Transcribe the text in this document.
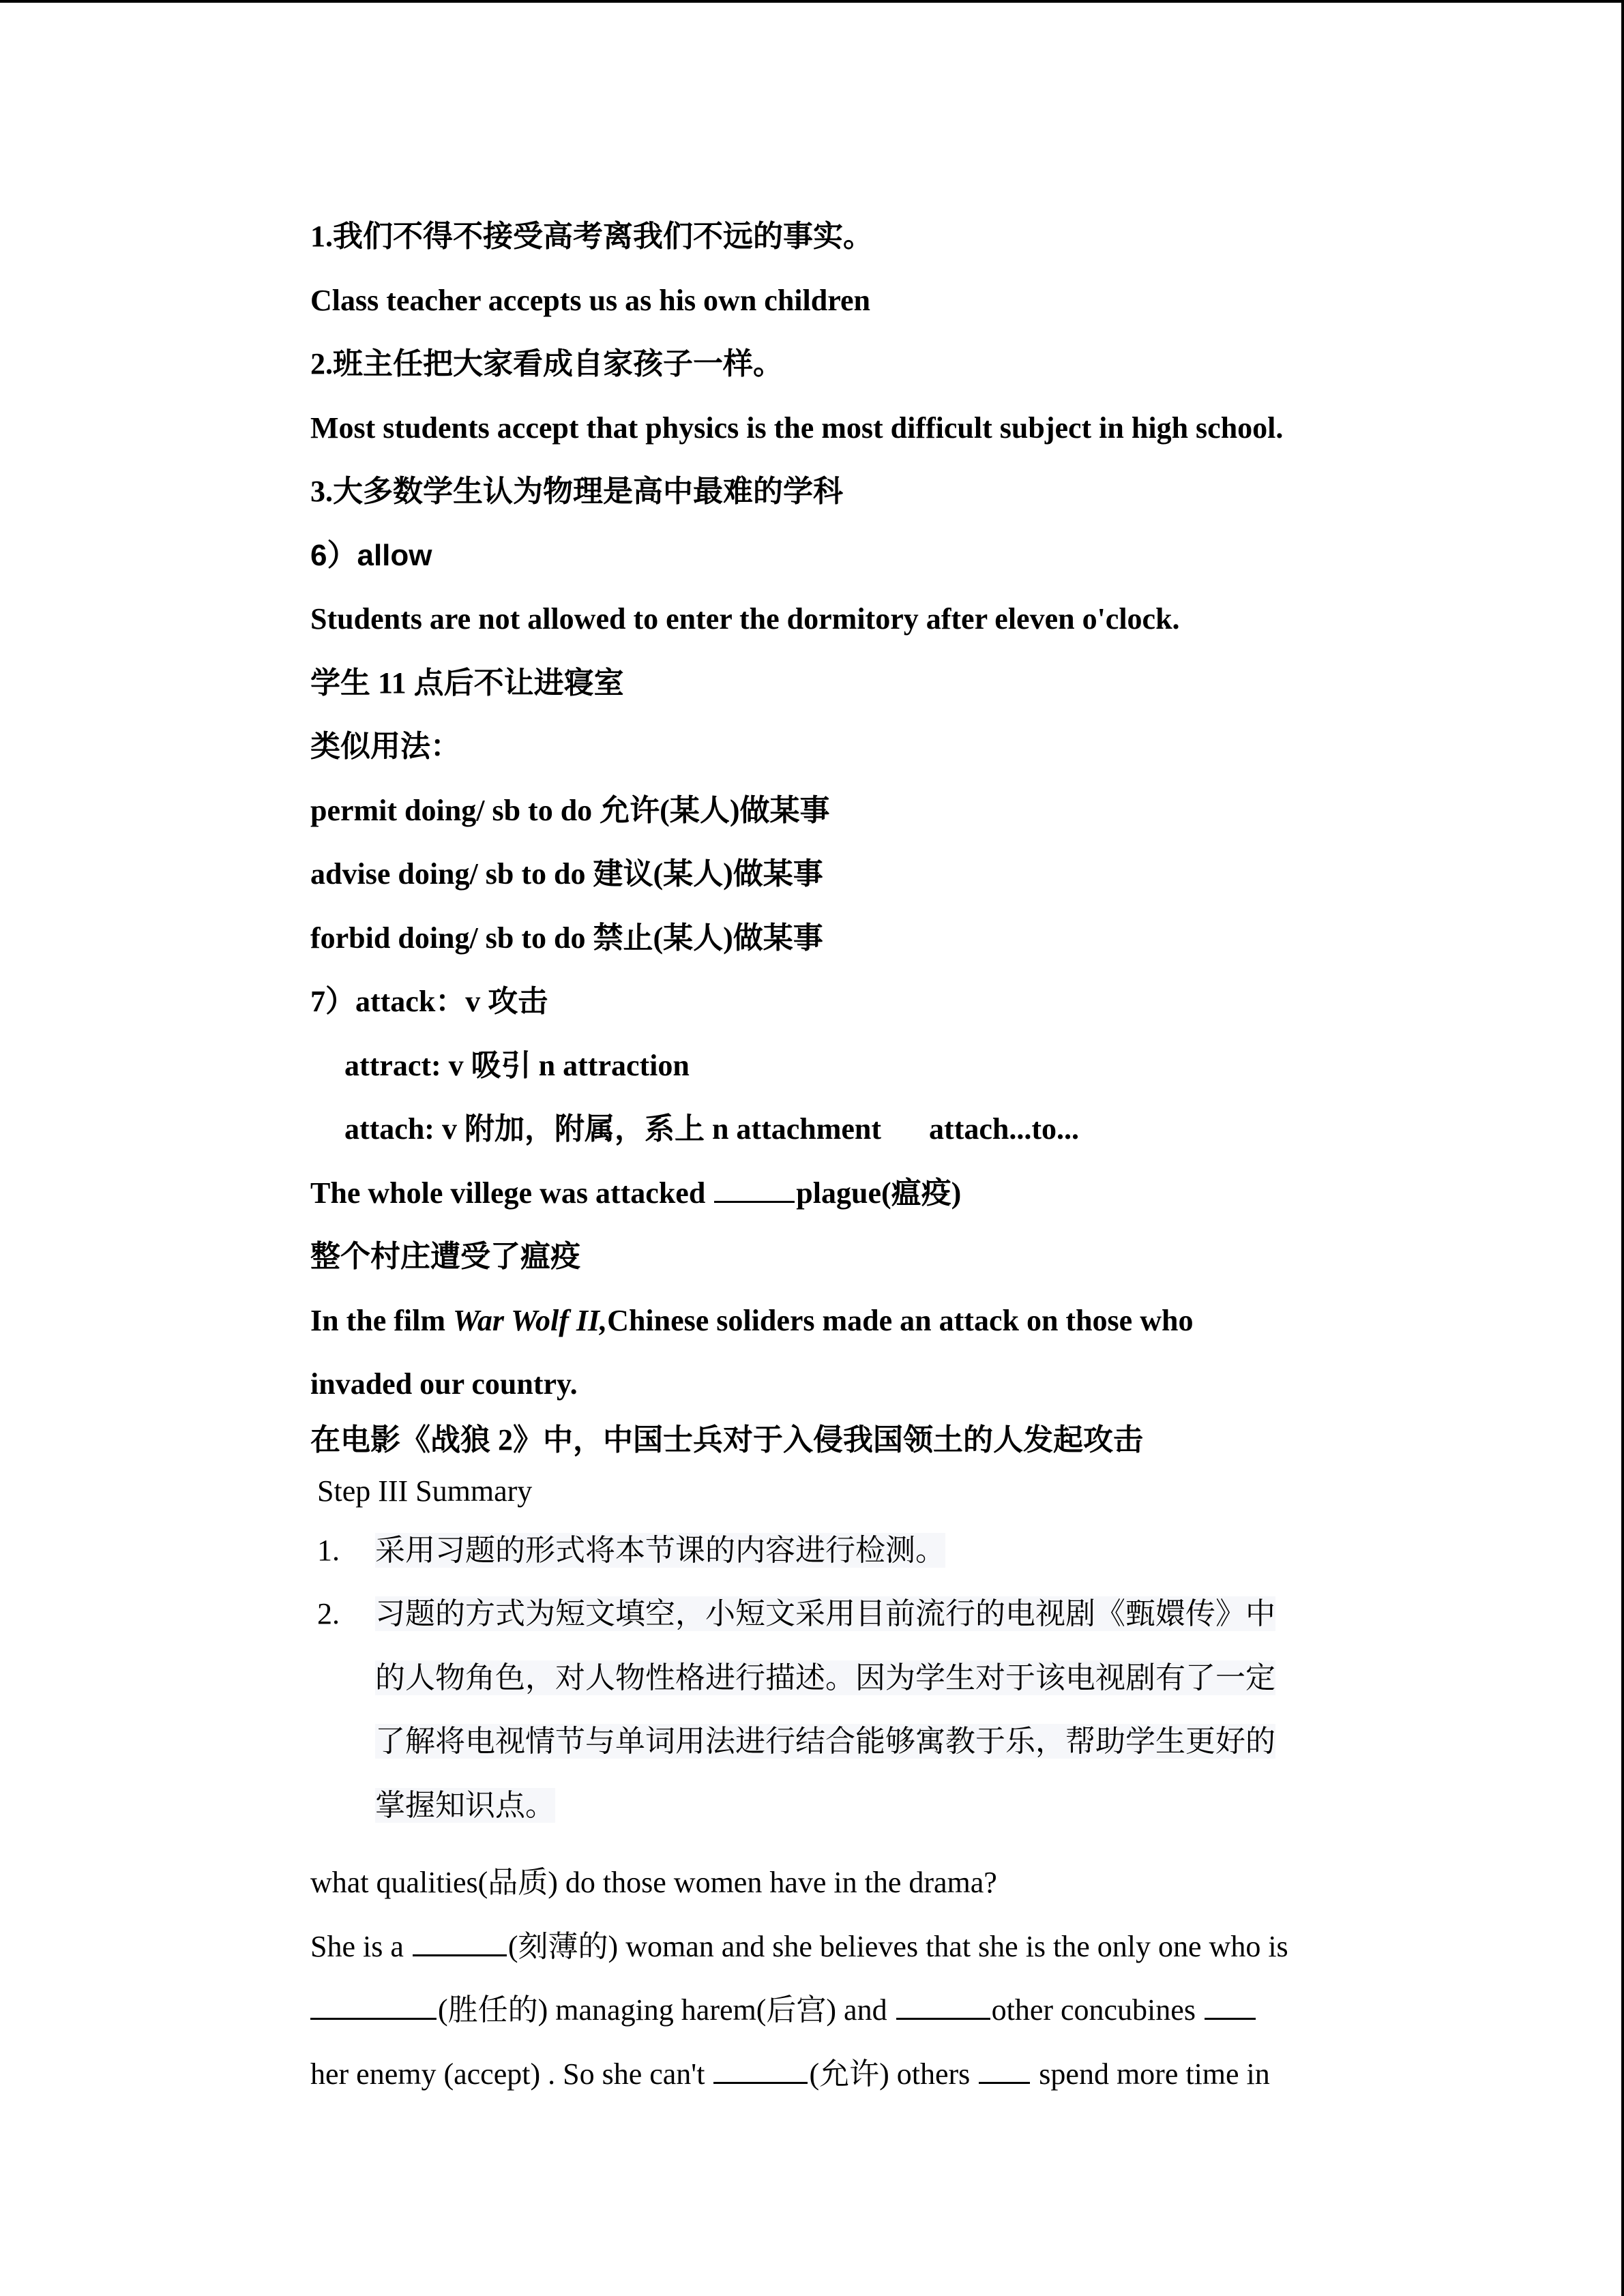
1.我们不得不接受高考离我们不远的事实。
Class teacher accepts us as his own children
2.班主任把大家看成自家孩子一样。
Most students accept that physics is the most difficult subject in high school.
3.大多数学生认为物理是高中最难的学科
6）allow
Students are not allowed to enter the dormitory after eleven o'clock.
学生 11 点后不让进寝室
类似用法：
permit doing/ sb to do 允许(某人)做某事
advise doing/ sb to do 建议(某人)做某事
forbid doing/ sb to do 禁止(某人)做某事
7）attack：v 攻击
attract: v 吸引 n attraction
attach: v 附加，附属，系上 n attachment attach...to...
The whole villege was attacked	plague(瘟疫)
整个村庄遭受了瘟疫
In the film War Wolf II,Chinese soliders made an attack on those who
invaded our country.
在电影《战狼 2》中，中国士兵对于入侵我国领土的人发起攻击
Step III Summary
1.	采用习题的形式将本节课的内容进行检测。
2.	习题的方式为短文填空，小短文采用目前流行的电视剧《甄嬛传》中
的人物角色，对人物性格进行描述。因为学生对于该电视剧有了一定
了解将电视情节与单词用法进行结合能够寓教于乐，帮助学生更好的
掌握知识点。
what qualities(品质) do those women have in the drama?
She is a	(刻薄的) woman and she believes that she is the only one who is
(胜任的) managing harem(后宫) and	other concubines
her enemy (accept) . So she can't	(允许) others  spend more time in
